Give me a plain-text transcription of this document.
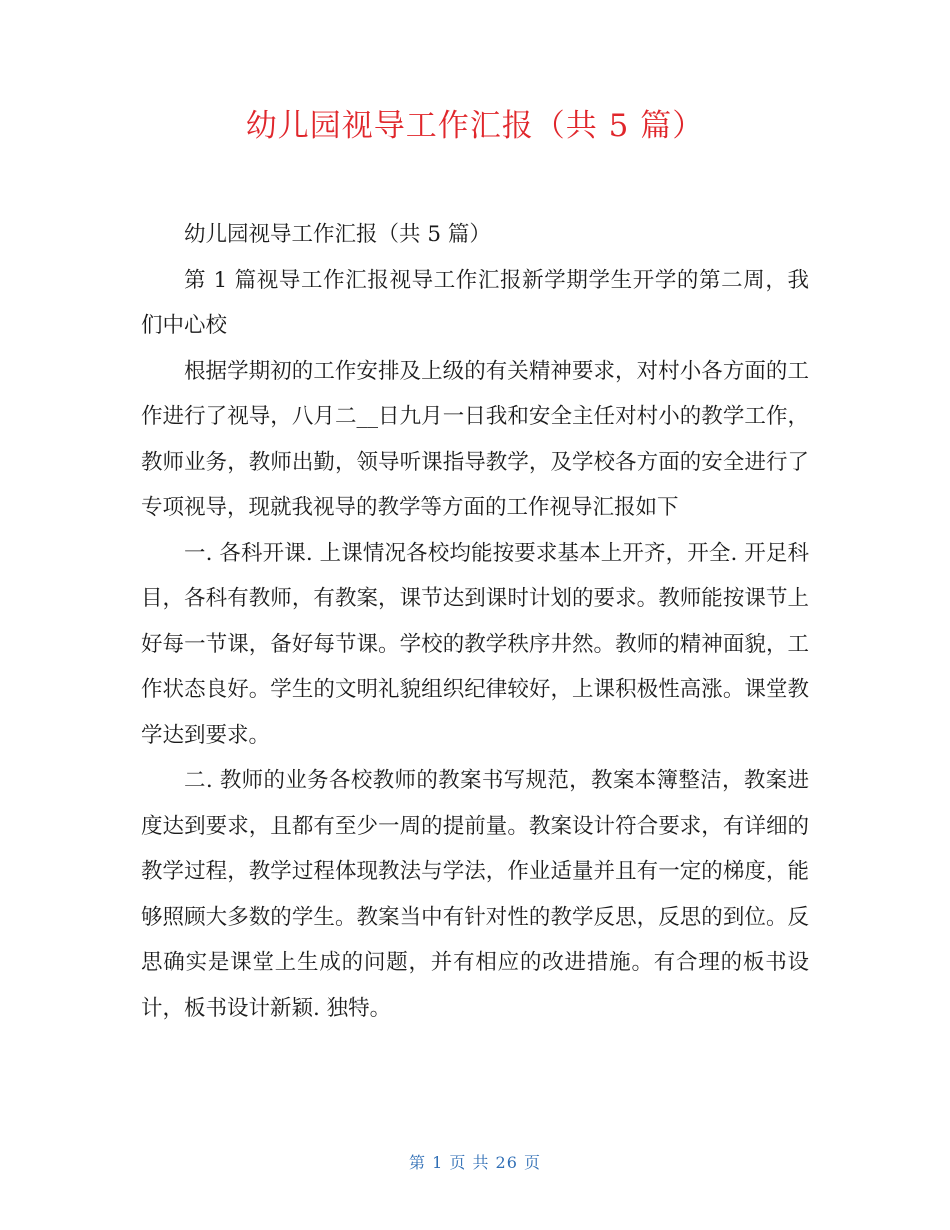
幼儿园视导工作汇报（共 5 篇）

幼儿园视导工作汇报（共 5 篇）

第 1 篇视导工作汇报视导工作汇报新学期学生开学的第二周，我们中心校

根据学期初的工作安排及上级的有关精神要求，对村小各方面的工作进行了视导，八月二__日九月一日我和安全主任对村小的教学工作，教师业务，教师出勤，领导听课指导教学，及学校各方面的安全进行了专项视导，现就我视导的教学等方面的工作视导汇报如下

一. 各科开课. 上课情况各校均能按要求基本上开齐，开全. 开足科目，各科有教师，有教案，课节达到课时计划的要求。教师能按课节上好每一节课，备好每节课。学校的教学秩序井然。教师的精神面貌，工作状态良好。学生的文明礼貌组织纪律较好，上课积极性高涨。课堂教学达到要求。

二. 教师的业务各校教师的教案书写规范，教案本簿整洁，教案进度达到要求，且都有至少一周的提前量。教案设计符合要求，有详细的教学过程，教学过程体现教法与学法，作业适量并且有一定的梯度，能够照顾大多数的学生。教案当中有针对性的教学反思，反思的到位。反思确实是课堂上生成的问题，并有相应的改进措施。有合理的板书设计，板书设计新颖. 独特。

第 1 页 共 26 页
